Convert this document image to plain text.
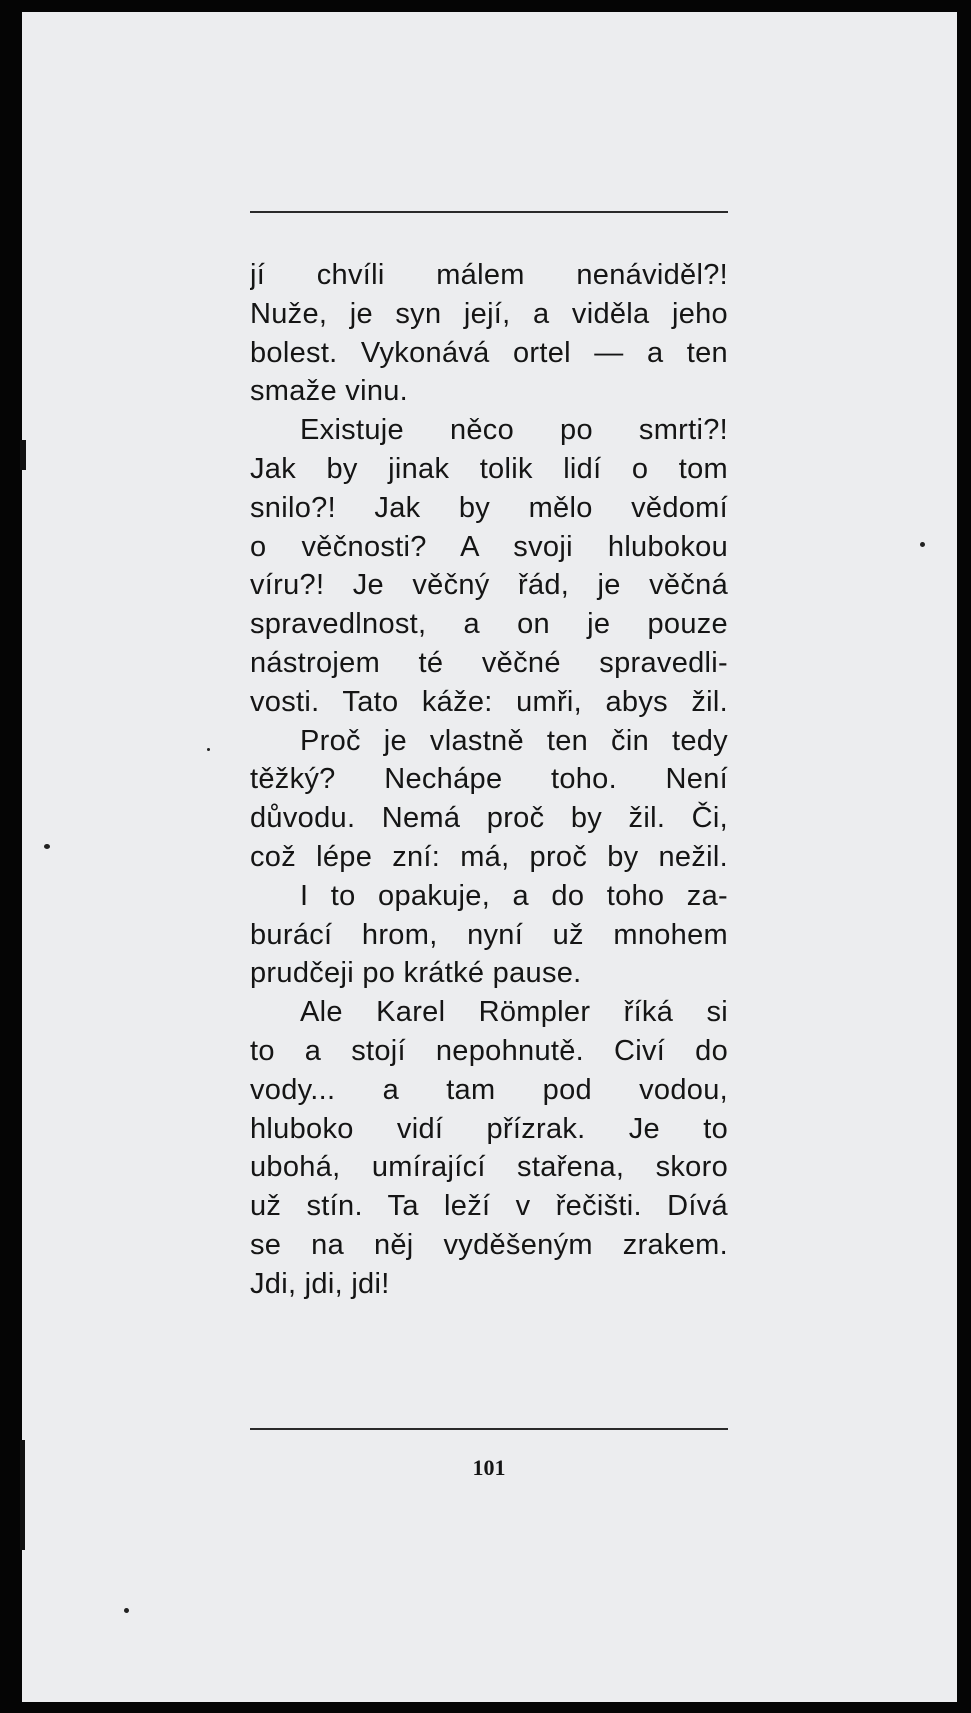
jí chvíli málem nenáviděl?!
Nuže, je syn její, a viděla jeho
bolest. Vykonává ortel — a ten
smaže vinu.
Existuje něco po smrti?!
Jak by jinak tolik lidí o tom
snilo?! Jak by mělo vědomí
o věčnosti? A svoji hlubokou
víru?! Je věčný řád, je věčná
spravedlnost, a on je pouze
nástrojem té věčné spravedli-
vosti. Tato káže: umři, abys žil.
Proč je vlastně ten čin tedy
těžký? Nechápe toho. Není
důvodu. Nemá proč by žil. Či,
což lépe zní: má, proč by nežil.
I to opakuje, a do toho za-
burácí hrom, nyní už mnohem
prudčeji po krátké pause.
Ale Karel Römpler říká si
to a stojí nepohnutě. Civí do
vody... a tam pod vodou,
hluboko vidí přízrak. Je to
ubohá, umírající stařena, skoro
už stín. Ta leží v řečišti. Dívá
se na něj vyděšeným zrakem.
Jdi, jdi, jdi!
101
